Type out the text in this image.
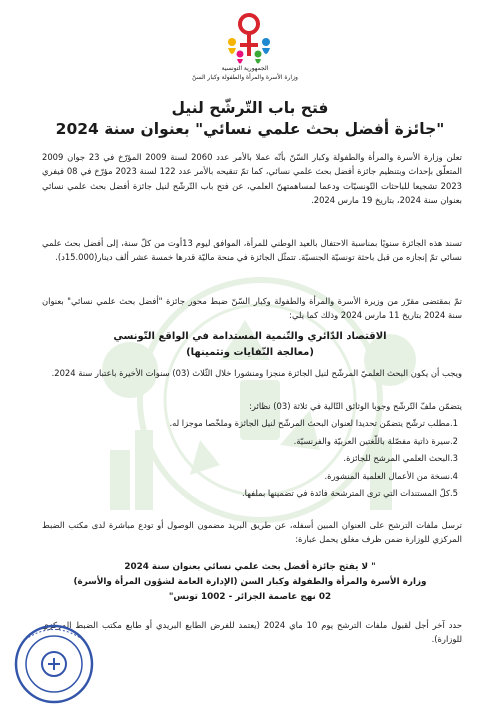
الجمهورية التونسية
وزارة الأسرة والمرأة والطفولة وكبار السنّ
فتح باب التّرشّح لنيل
"جائزة أفضل بحث علمي نسائي" بعنوان سنة 2024

تعلن وزارة الأسرة والمرأة والطفولة وكبار السّنّ بأنّه عملا بالأمر عدد 2060 لسنة 2009 المؤرّخ في 23 جوان 2009 المتعلّق بإحداث وبتنظيم جائزة أفضل بحث علمي نسائي، كما تمّ تنقيحه بالأمر عدد 122 لسنة 2023 مؤرّخ في 08 فيفري 2023 تشجيعا للباحثات التّونسيّات ودعما لمساهمتهنّ العلمي، عن فتح باب التّرشّح لنيل جائزة أفضل بحث علمي نسائي بعنوان سنة 2024، بتاريخ 19 مارس 2024.

تسند هذه الجائزة سنويًا بمناسبة الاحتفال بالعيد الوطني للمرأة، الموافق ليوم 13أوت من كلّ سنة، إلى أفضل بحث علمي نسائي تمّ إنجازه من قبل باحثة تونسيّة الجنسيّة. تتمثّل الجائزة في منحة ماليّة قدرها خمسة عشر ألف دينار(15.000د).

تمّ بمقتضى مقرّر من وزيرة الأسرة والمرأة والطفولة وكبار السّنّ ضبط محور جائزة "أفضل بحث علمي نسائي" بعنوان سنة 2024 بتاريخ 11 مارس 2024 وذلك كما يلي:

الاقتصاد الدّائري والتّنمية المستدامة في الواقع التّونسي
(معالجة النّفايات وتثمينها)

ويجب أن يكون البحث العلميّ المرشّح لنيل الجائزة منجزا ومنشورا خلال الثّلاث (03) سنوات الأخيرة باعتبار سنة 2024.

يتضمّن ملفّ التّرشّح وجوبا الوثائق التّالية في ثلاثة (03) نظائر:

1.مطلب ترشّح يتضمّن تحديدا لعنوان البحث المرشّح لنيل الجائزة وملخّصا موجزا له.
2.سيرة ذاتية مفصّلة باللّغتين العربيّة والفرنسيّة.
3.البحث العلمي المرشح للجائزة.
4.نسخة من الأعمال العلمية المنشورة.
5.كلّ المستندات التي ترى المترشحة فائدة في تضمينها بملفها.

ترسل ملفات الترشح على العنوان المبين أسفله، عن طريق البريد مضمون الوصول أو تودع مباشرة لدى مكتب الضبط المركزي للوزارة ضمن ظرف مغلق يحمل عبارة:

" لا يفتح جائزة أفضل بحث علمي نسائي بعنوان سنة 2024
وزارة الأسرة والمرأة والطفولة وكبار السن (الإدارة العامة لشؤون المرأة والأسرة)
02 نهج عاصمة الجزائر - 1002 تونس"

حدد آخر أجل لقبول ملفات الترشح يوم 10 ماي 2024 (يعتمد للفرض الطابع البريدي أو طابع مكتب الضبط المركزي للوزارة).
